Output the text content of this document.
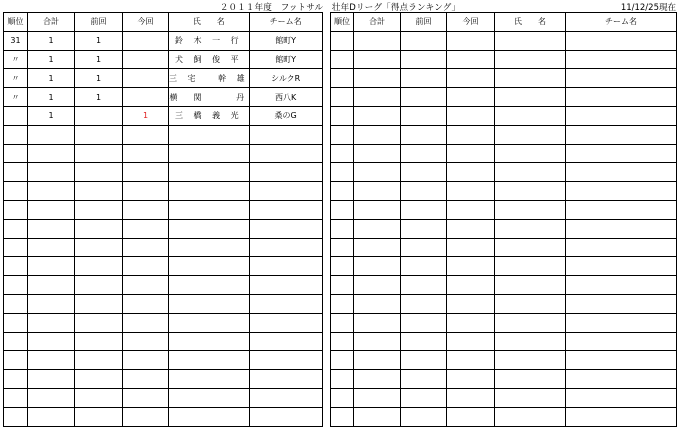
２０１１年度　フットサル　壮年Dリーグ「得点ランキング」	11/12/25現在
順位	合計	前回	今回	氏　　名	チーム名
31	1	1		鈴 木 一 行	館町Y
〃	1	1		犬 飼 俊 平	館町Y
〃	1	1		三 宅　 幹 雄	シルクR
〃	1	1		横　関　　 丹	西八K
	1		1	三 橋 義 光	桑のG

順位	合計	前回	今回	氏　　名	チーム名
